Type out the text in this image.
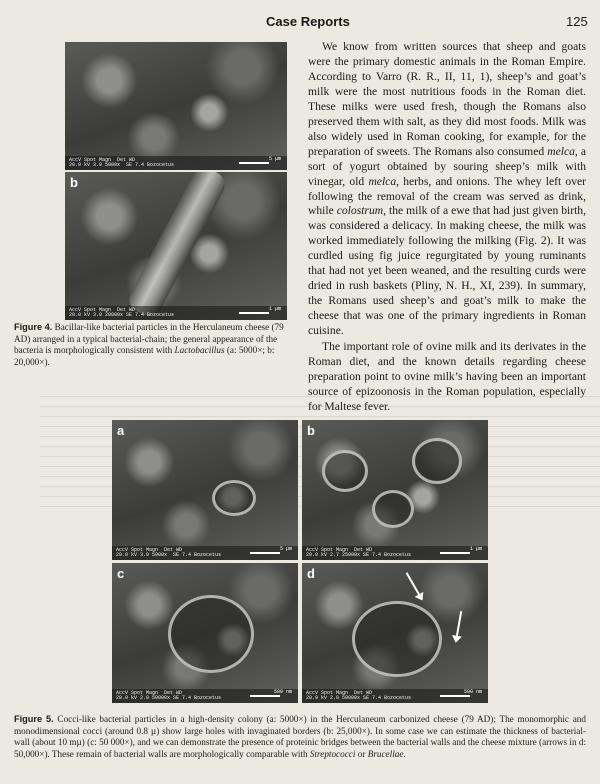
Case Reports	125
AccV Spot Magn  Det WD
20.0 kV 3.0 5000x  SE 7.4 Bozocetus
5 µm
b
AccV Spot Magn  Det WD
20.0 kV 3.0 20000x SE 7.4 Bozocetus
1 µm
Figure 4. Bacillar-like bacterial particles in the Herculaneum cheese (79 AD) arranged in a typical bacterial-chain; the general appearance of the bacteria is morphologically consistent with Lactobacillus (a: 5000×; b: 20,000×).

We know from written sources that sheep and goats were the primary domestic animals in the Roman Empire. According to Varro (R. R., II, 11, 1), sheep’s and goat’s milk were the most nutritious foods in the Roman diet. These milks were used fresh, though the Romans also preserved them with salt, as they did most foods. Milk was also widely used in Roman cooking, for example, for the preparation of sweets. The Romans also consumed melca, a sort of yogurt obtained by souring sheep’s milk with vinegar, old melca, herbs, and onions. The whey left over following the removal of the cream was served as drink, while colostrum, the milk of a ewe that had just given birth, was considered a delicacy. In making cheese, the milk was worked immediately following the milking (Fig. 2). It was curdled using fig juice regurgitated by young ruminants that had not yet been weaned, and the resulting curds were dried in rush baskets (Pliny, N. H., XI, 239). In summary, the Romans used sheep’s and goat’s milk to make the cheese that was one of the primary ingredients in Roman cuisine.

The important role of ovine milk and its derivates in the Roman diet, and the known details regarding cheese preparation point to ovine milk’s having been an important source of epizoonosis in the Roman population, especially for Maltese fever.

a
AccV Spot Magn  Det WD
20.0 kV 3.0 5000x  SE 7.4 Bozocetus
5 µm
b
AccV Spot Magn  Det WD
20.0 kV 2.7 25000x SE 7.4 Bozocetus
1 µm
c
AccV Spot Magn  Det WD
20.0 kV 2.8 50000x SE 7.4 Bozocetus
500 nm
d
AccV Spot Magn  Det WD
20.0 kV 2.8 50000x SE 7.4 Bozocetus
500 nm
Figure 5. Cocci-like bacterial particles in a high-density colony (a: 5000×) in the Herculaneum carbonized cheese (79 AD); The monomorphic and monodimensional cocci (around 0.8 µ) show large holes with invaginated borders (b: 25,000×). In some case we can estimate the thickness of bacterial-wall (about 10 mµ) (c: 50 000×), and we can demonstrate the presence of proteinic bridges between the bacterial walls and the cheese mixture (arrows in d: 50,000×). These remain of bacterial walls are morphologically comparable with Streptococci or Brucellae.
